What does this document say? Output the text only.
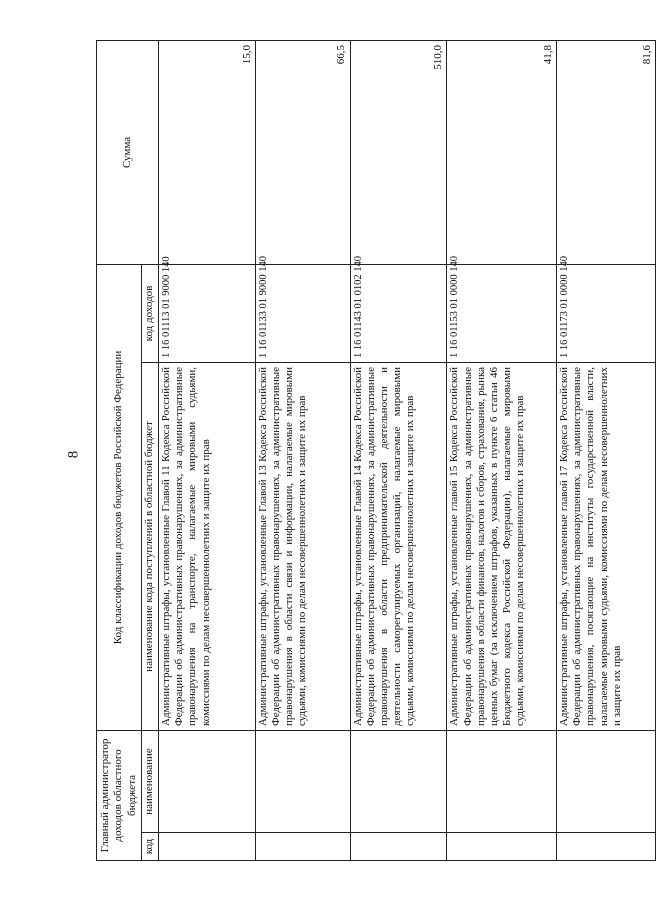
8
Главный администратор доходов областного бюджета		Код классификации доходов бюджетов Российской Федерации		Сумма
код	наименование	наименование кода поступлений в областной бюджет	код доходов	
		Административные штрафы, установленные Главой 11 Кодекса Российской Федерации об административных правонарушениях, за административные правонарушения на транспорте, налагаемые мировыми судьями, комиссиями по делам несовершеннолетних и защите их прав	1 16 01113 01 9000 140	15,0
		Административные штрафы, установленные Главой 13 Кодекса Российской Федерации об административных правонарушениях, за административные правонарушения в области связи и информации, налагаемые мировыми судьями, комиссиями по делам несовершеннолетних и защите их прав	1 16 01133 01 9000 140	66,5
		Административные штрафы, установленные Главой 14 Кодекса Российской Федерации об административных правонарушениях, за административные правонарушения в области предпринимательской деятельности и деятельности саморегулируемых организаций, налагаемые мировыми судьями, комиссиями по делам несовершеннолетних и защите их прав	1 16 01143 01 0102 140	510,0
		Административные штрафы, установленные главой 15 Кодекса Российской Федерации об административных правонарушениях, за административные правонарушения в области финансов, налогов и сборов, страхования, рынка ценных бумаг (за исключением штрафов, указанных в пункте 6 статьи 46 Бюджетного кодекса Российской Федерации), налагаемые мировыми судьями, комиссиями по делам несовершеннолетних и защите их прав	1 16 01153 01 0000 140	41,8
		Административные штрафы, установленные главой 17 Кодекса Российской Федерации об административных правонарушениях, за административные правонарушения, посягающие на институты государственной власти, налагаемые мировыми судьями, комиссиями по делам несовершеннолетних и защите их прав	1 16 01173 01 0000 140	81,6
